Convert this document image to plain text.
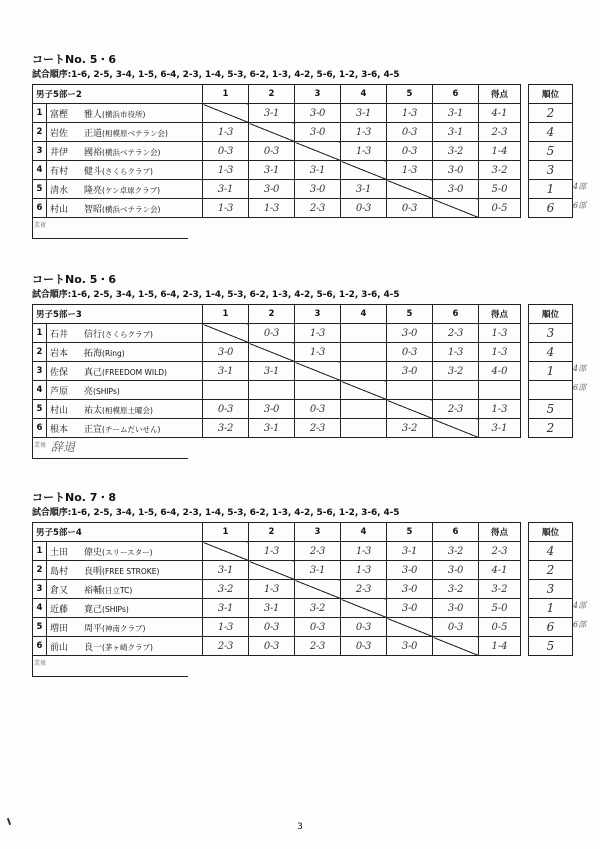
コートNo. 5・6
試合順序:1-6, 2-5, 3-4, 1-5, 6-4, 2-3, 1-4, 5-3, 6-2, 1-3, 4-2, 5-6, 1-2, 3-6, 4-5
男子5部ー2		1	2	3	4	5	6	得点		順位
1	富樫 雅人(横浜市役所)		3-1	3-0	3-1	1-3	3-1	4-1		2
2	岩佐 正道(相模原ベテラン会)	1-3		3-0	1-3	0-3	3-1	2-3		4
3	井伊 國裕(横浜ベテラン会)	0-3	0-3		1-3	0-3	3-2	1-4		5
4	有村 健斗(さくらクラブ)	1-3	3-1	3-1		1-3	3-0	3-2		3
5	清水 隆亮(ケン卓球クラブ)	3-1	3-0	3-0	3-1		3-0	5-0		1
6	村山 智昭(横浜ベテラン会)	1-3	1-3	2-3	0-3	0-3		0-5		6
業複
4部
6部
コートNo. 5・6
試合順序:1-6, 2-5, 3-4, 1-5, 6-4, 2-3, 1-4, 5-3, 6-2, 1-3, 4-2, 5-6, 1-2, 3-6, 4-5
男子5部ー3		1	2	3	4	5	6	得点		順位
1	石井 信行(さくらクラブ)		0-3	1-3		3-0	2-3	1-3		3
2	岩本 拓海(Ring)	3-0		1-3		0-3	1-3	1-3		4
3	佐保 真己(FREEDOM WILD)	3-1	3-1			3-0	3-2	4-0		1
4	芦原 亮(SHIPs)									
5	村山 祐太(相模原土曜会)	0-3	3-0	0-3			2-3	1-3		5
6	根本 正宣(チームだいせん)	3-2	3-1	2-3		3-2		3-1		2
業複 辞退
4部
6部
コートNo. 7・8
試合順序:1-6, 2-5, 3-4, 1-5, 6-4, 2-3, 1-4, 5-3, 6-2, 1-3, 4-2, 5-6, 1-2, 3-6, 4-5
男子5部ー4		1	2	3	4	5	6	得点		順位
1	土田 偉史(スリースター)		1-3	2-3	1-3	3-1	3-2	2-3		4
2	島村 良明(FREE STROKE)	3-1		3-1	1-3	3-0	3-0	4-1		2
3	倉又 裕輔(日立TC)	3-2	1-3		2-3	3-0	3-2	3-2		3
4	近藤 寛己(SHIPs)	3-1	3-1	3-2		3-0	3-0	5-0		1
5	増田 周平(神南クラブ)	1-3	0-3	0-3	0-3		0-3	0-5		6
6	前山 良一(茅ヶ崎クラブ)	2-3	0-3	2-3	0-3	3-0		1-4		5
業複
4部
6部
3
